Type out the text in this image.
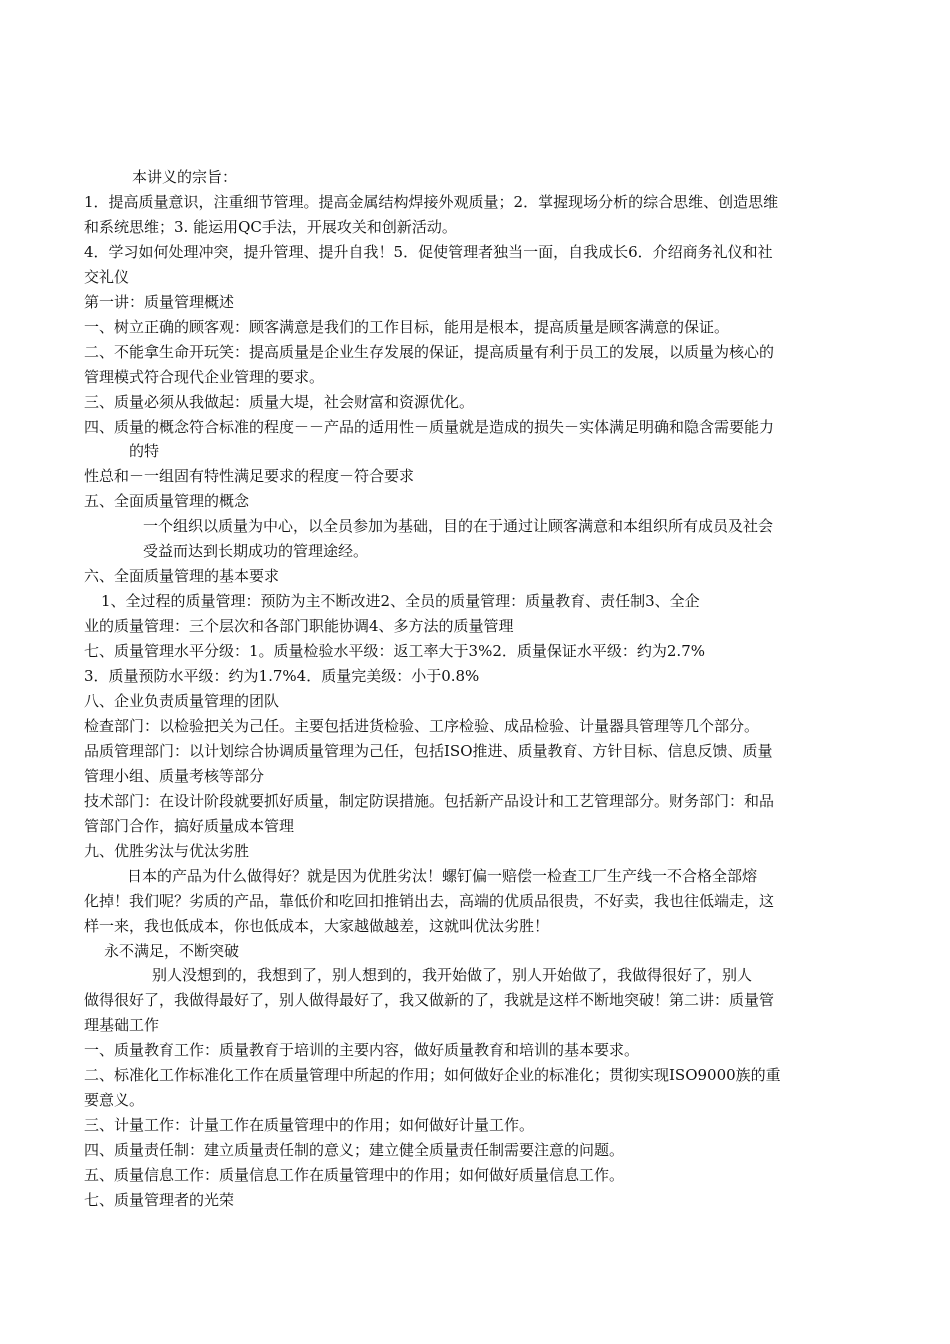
本讲义的宗旨：
1．提高质量意识，注重细节管理。提高金属结构焊接外观质量；2．掌握现场分析的综合思维、创造思维
和系统思维；3. 能运用QC手法，开展攻关和创新活动。
4．学习如何处理冲突，提升管理、提升自我！5．促使管理者独当一面，自我成长6．介绍商务礼仪和社
交礼仪
第一讲：质量管理概述
一、树立正确的顾客观：顾客满意是我们的工作目标，能用是根本，提高质量是顾客满意的保证。
二、不能拿生命开玩笑：提高质量是企业生存发展的保证，提高质量有利于员工的发展，以质量为核心的
管理模式符合现代企业管理的要求。
三、质量必须从我做起：质量大堤，社会财富和资源优化。
四、质量的概念符合标准的程度－－产品的适用性－质量就是造成的损失－实体满足明确和隐含需要能力
的特
性总和－一组固有特性满足要求的程度－符合要求
五、全面质量管理的概念
一个组织以质量为中心，以全员参加为基础，目的在于通过让顾客满意和本组织所有成员及社会
受益而达到长期成功的管理途经。
六、全面质量管理的基本要求
1、全过程的质量管理：预防为主不断改进2、全员的质量管理：质量教育、责任制3、全企
业的质量管理：三个层次和各部门职能协调4、多方法的质量管理
七、质量管理水平分级：1。质量检验水平级：返工率大于3%2．质量保证水平级：约为2.7%
3．质量预防水平级：约为1.7%4．质量完美级：小于0.8%
八、企业负责质量管理的团队
检查部门：以检验把关为己任。主要包括进货检验、工序检验、成品检验、计量器具管理等几个部分。
品质管理部门：以计划综合协调质量管理为己任，包括ISO推进、质量教育、方针目标、信息反馈、质量
管理小组、质量考核等部分
技术部门：在设计阶段就要抓好质量，制定防误措施。包括新产品设计和工艺管理部分。财务部门：和品
管部门合作，搞好质量成本管理
九、优胜劣汰与优汰劣胜
日本的产品为什么做得好？就是因为优胜劣汰！螺钉偏一赔偿一检查工厂生产线一不合格全部熔
化掉！我们呢？劣质的产品，靠低价和吃回扣推销出去，高端的优质品很贵，不好卖，我也往低端走，这
样一来，我也低成本，你也低成本，大家越做越差，这就叫优汰劣胜！
永不满足，不断突破
别人没想到的，我想到了，别人想到的，我开始做了，别人开始做了，我做得很好了，别人
做得很好了，我做得最好了，别人做得最好了，我又做新的了，我就是这样不断地突破！第二讲：质量管
理基础工作
一、质量教育工作：质量教育于培训的主要内容，做好质量教育和培训的基本要求。
二、标准化工作标准化工作在质量管理中所起的作用；如何做好企业的标准化；贯彻实现ISO9000族的重
要意义。
三、计量工作：计量工作在质量管理中的作用；如何做好计量工作。
四、质量责任制：建立质量责任制的意义；建立健全质量责任制需要注意的问题。
五、质量信息工作：质量信息工作在质量管理中的作用；如何做好质量信息工作。
七、质量管理者的光荣
